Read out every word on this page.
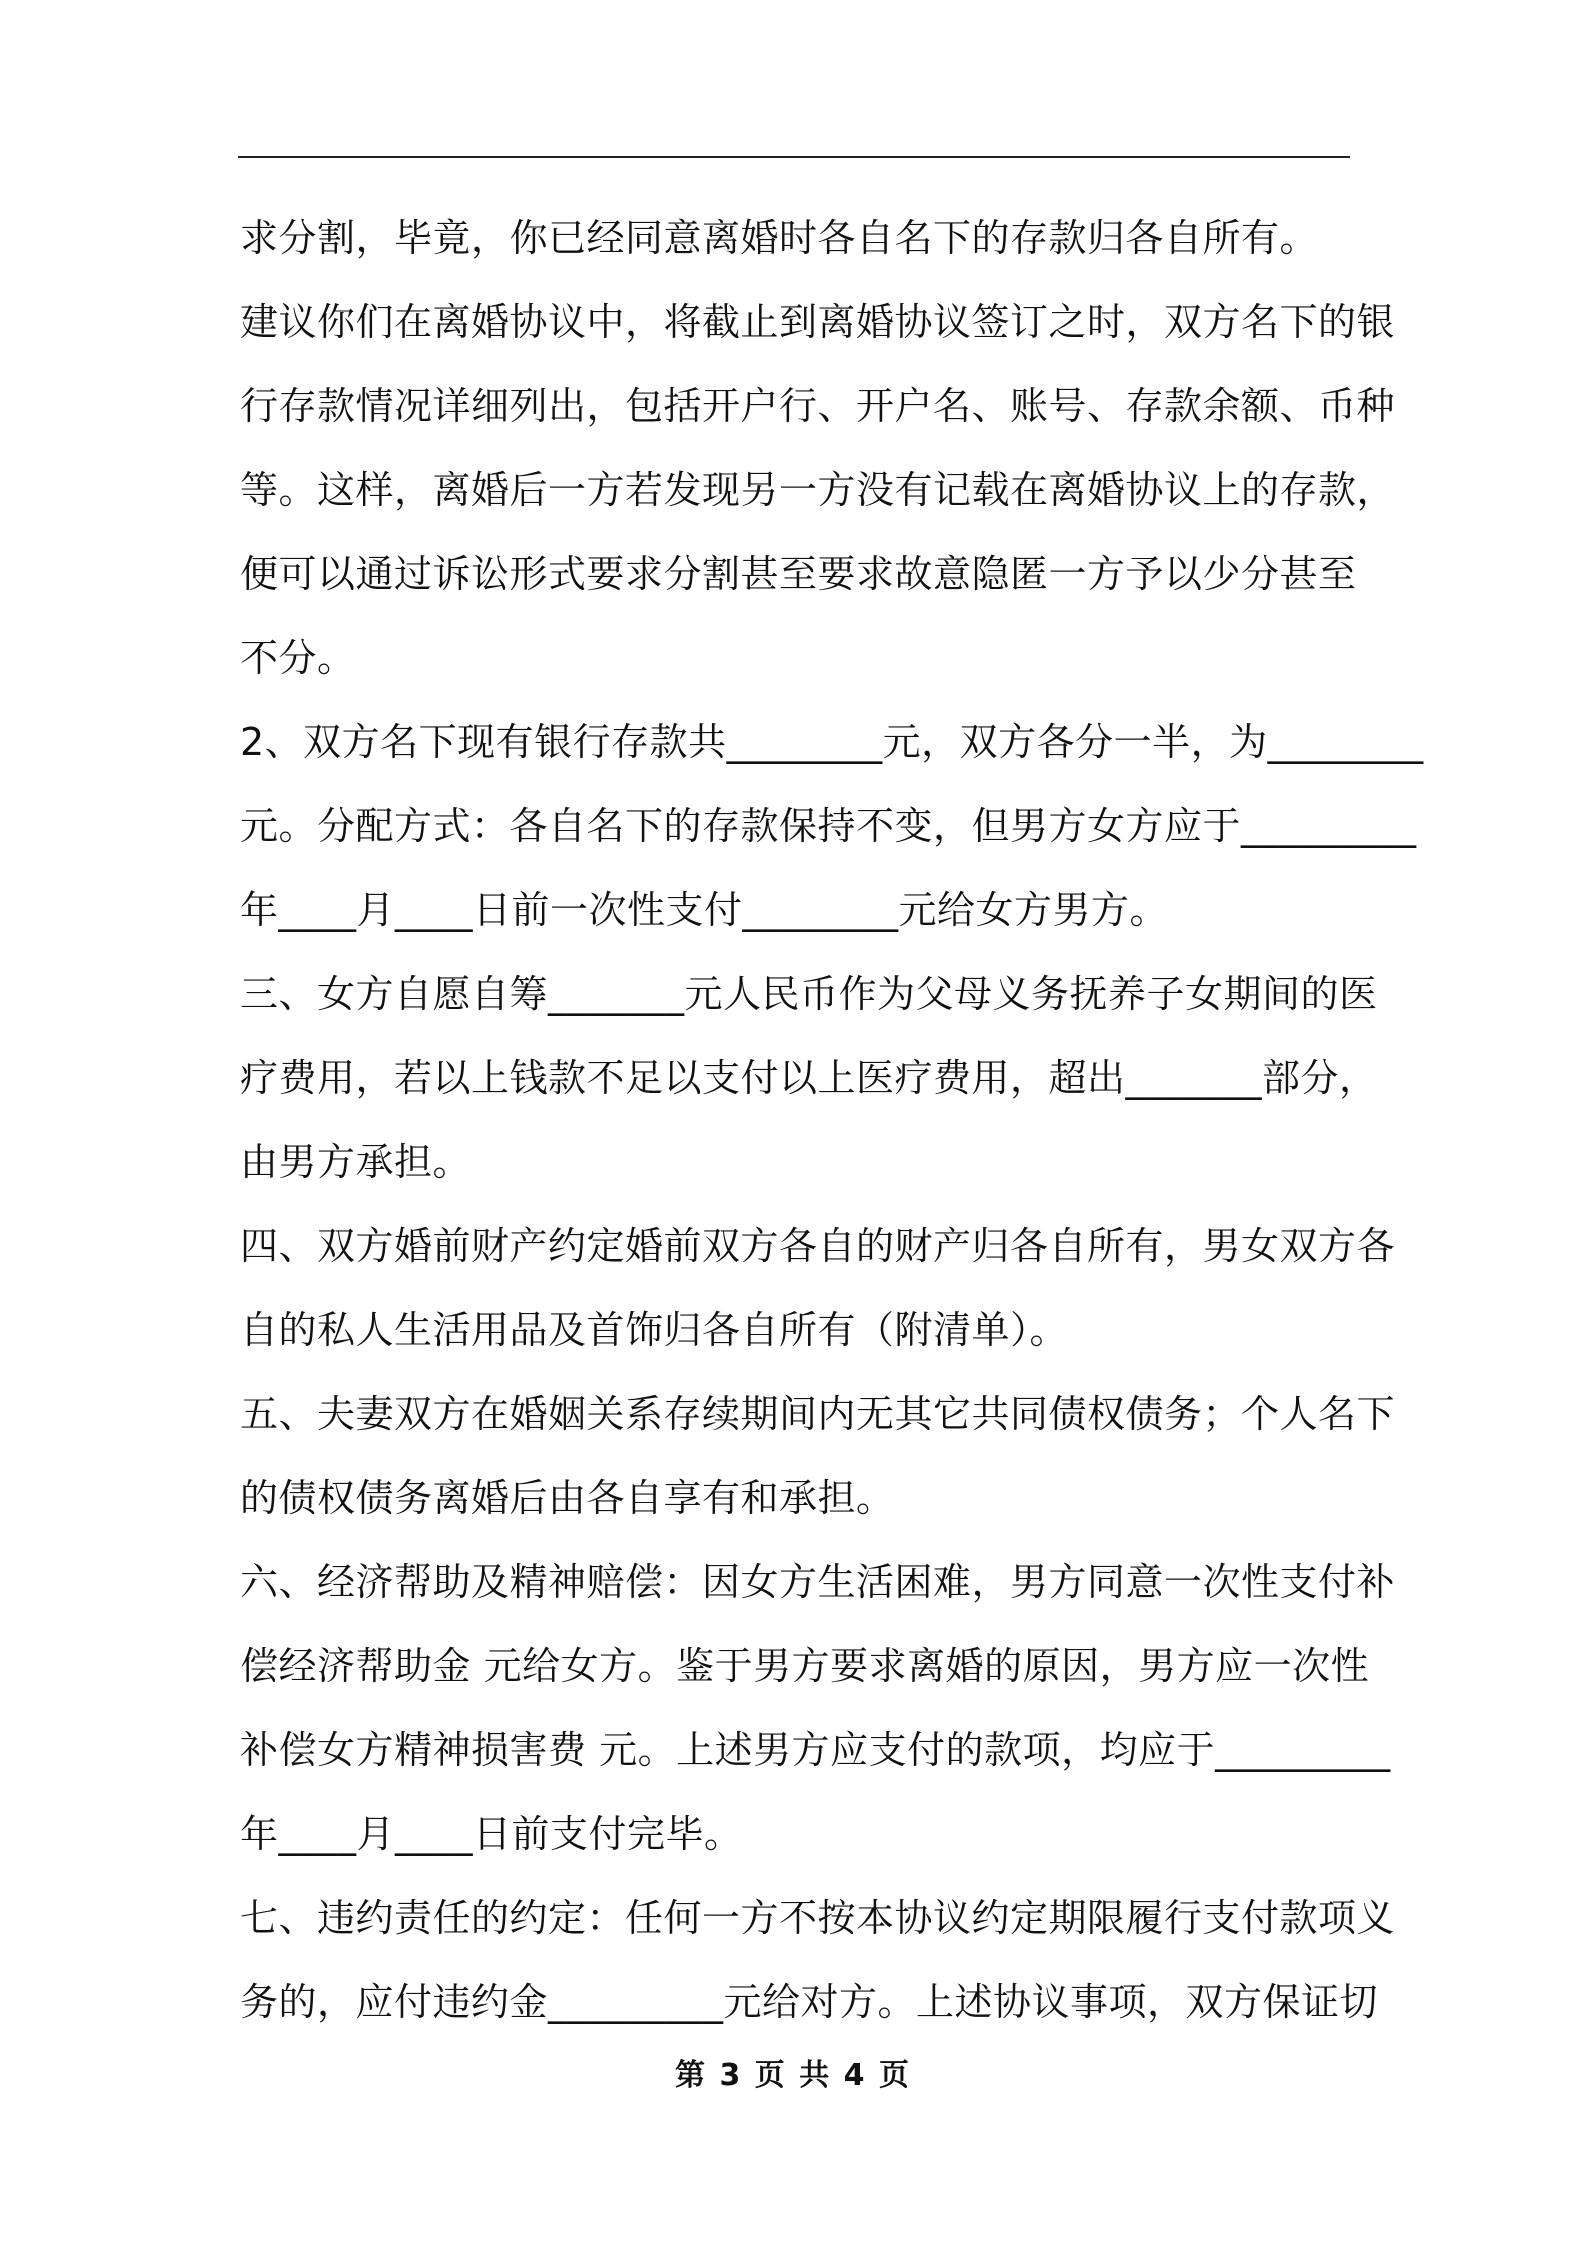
求分割，毕竟，你已经同意离婚时各自名下的存款归各自所有。
建议你们在离婚协议中，将截止到离婚协议签订之时，双方名下的银
行存款情况详细列出，包括开户行、开户名、账号、存款余额、币种
等。这样，离婚后一方若发现另一方没有记载在离婚协议上的存款，
便可以通过诉讼形式要求分割甚至要求故意隐匿一方予以少分甚至
不分。
2、双方名下现有银行存款共________元，双方各分一半，为________
元。分配方式：各自名下的存款保持不变，但男方女方应于_________
年____月____日前一次性支付________元给女方男方。
三、女方自愿自筹_______元人民币作为父母义务抚养子女期间的医
疗费用，若以上钱款不足以支付以上医疗费用，超出_______部分，
由男方承担。
四、双方婚前财产约定婚前双方各自的财产归各自所有，男女双方各
自的私人生活用品及首饰归各自所有（附清单）。
五、夫妻双方在婚姻关系存续期间内无其它共同债权债务；个人名下
的债权债务离婚后由各自享有和承担。
六、经济帮助及精神赔偿：因女方生活困难，男方同意一次性支付补
偿经济帮助金 元给女方。鉴于男方要求离婚的原因，男方应一次性
补偿女方精神损害费 元。上述男方应支付的款项，均应于_________
年____月____日前支付完毕。
七、违约责任的约定：任何一方不按本协议约定期限履行支付款项义
务的，应付违约金_________元给对方。上述协议事项，双方保证切
第 3 页 共 4 页
